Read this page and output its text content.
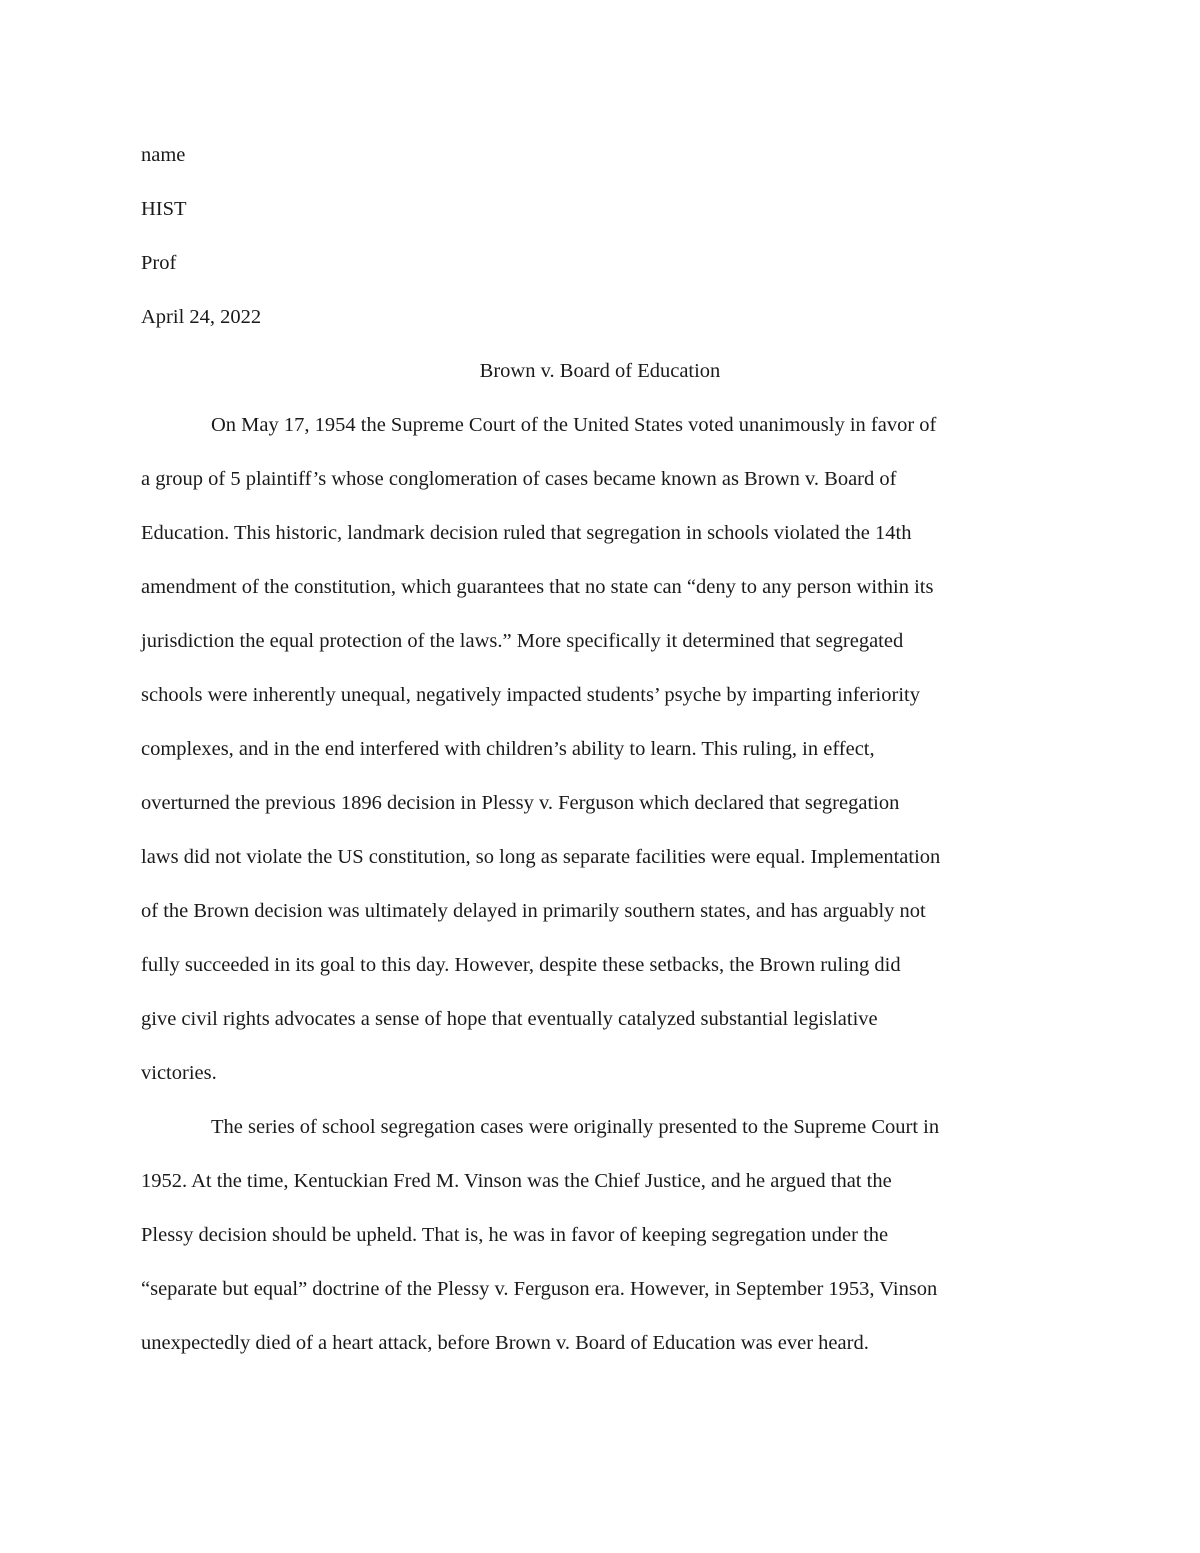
name

HIST

Prof

April 24, 2022

Brown v. Board of Education

On May 17, 1954 the Supreme Court of the United States voted unanimously in favor of

a group of 5 plaintiff’s whose conglomeration of cases became known as Brown v. Board of

Education. This historic, landmark decision ruled that segregation in schools violated the 14th

amendment of the constitution, which guarantees that no state can “deny to any person within its

jurisdiction the equal protection of the laws.” More specifically it determined that segregated

schools were inherently unequal, negatively impacted students’ psyche by imparting inferiority

complexes, and in the end interfered with children’s ability to learn. This ruling, in effect,

overturned the previous 1896 decision in Plessy v. Ferguson which declared that segregation

laws did not violate the US constitution, so long as separate facilities were equal. Implementation

of the Brown decision was ultimately delayed in primarily southern states, and has arguably not

fully succeeded in its goal to this day. However, despite these setbacks, the Brown ruling did

give civil rights advocates a sense of hope that eventually catalyzed substantial legislative

victories.

The series of school segregation cases were originally presented to the Supreme Court in

1952. At the time, Kentuckian Fred M. Vinson was the Chief Justice, and he argued that the

Plessy decision should be upheld. That is, he was in favor of keeping segregation under the

“separate but equal” doctrine of the Plessy v. Ferguson era. However, in September 1953, Vinson

unexpectedly died of a heart attack, before Brown v. Board of Education was ever heard.
